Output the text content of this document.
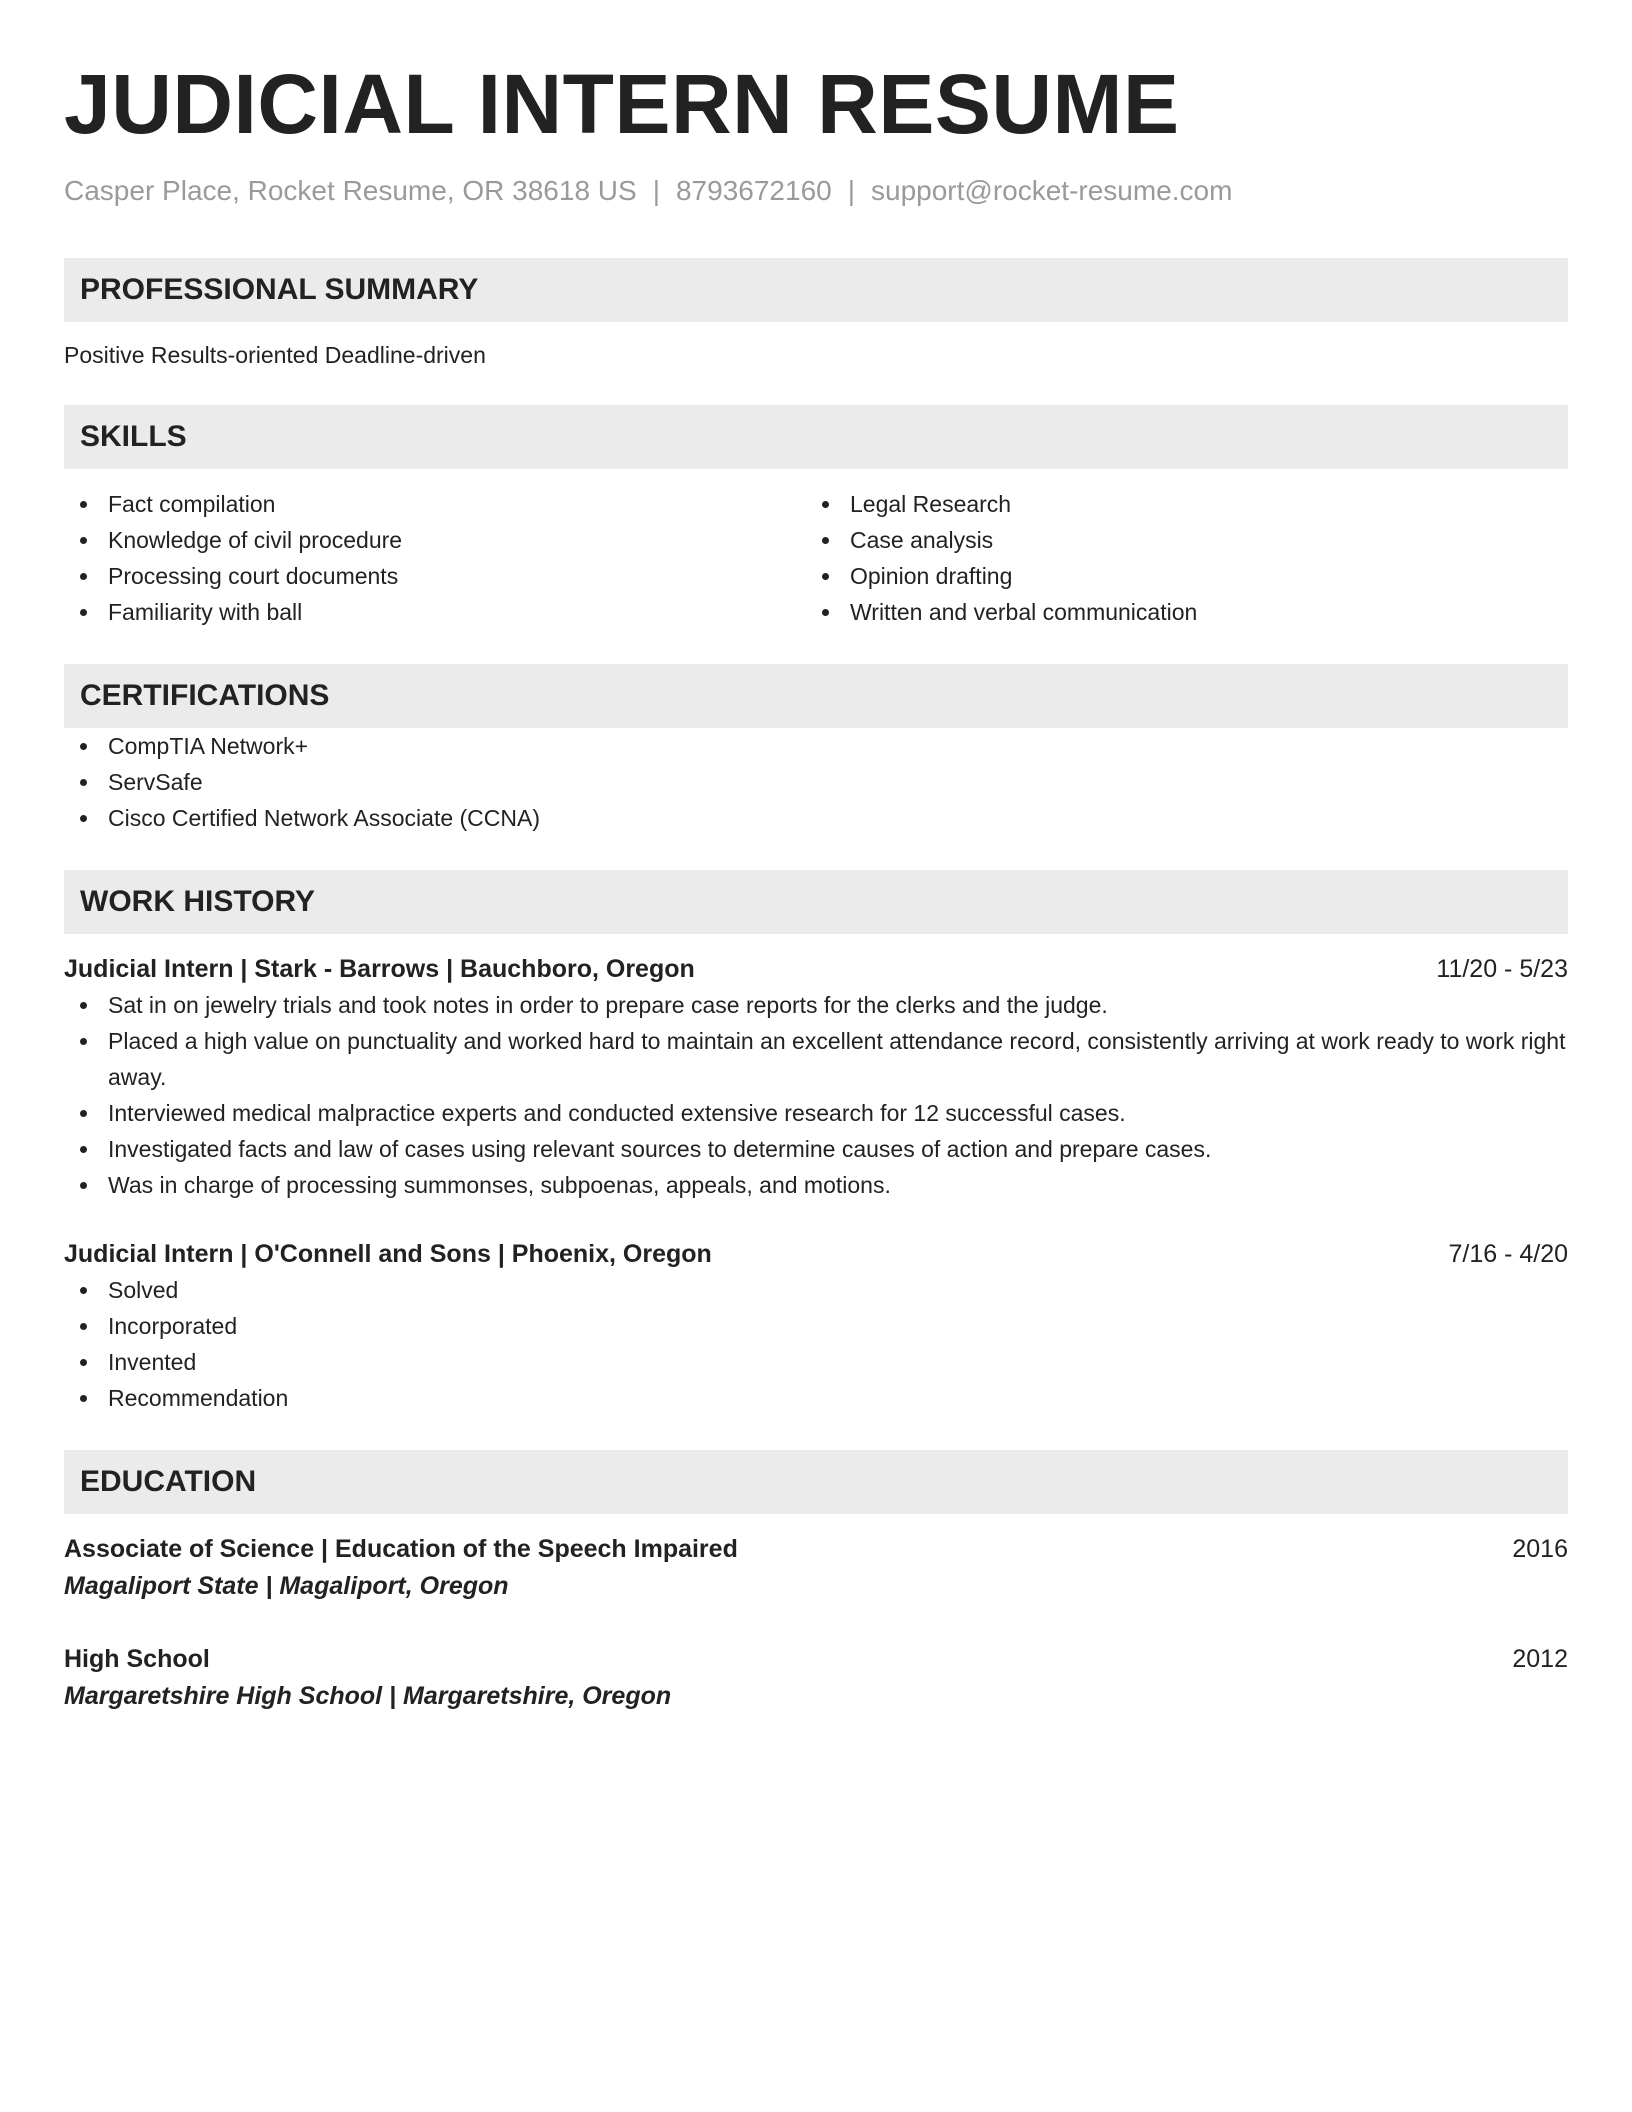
JUDICIAL INTERN RESUME
Casper Place, Rocket Resume, OR 38618 US | 8793672160 | support@rocket-resume.com
PROFESSIONAL SUMMARY
Positive Results-oriented Deadline-driven
SKILLS
Fact compilation
Knowledge of civil procedure
Processing court documents
Familiarity with ball
Legal Research
Case analysis
Opinion drafting
Written and verbal communication
CERTIFICATIONS
CompTIA Network+
ServSafe
Cisco Certified Network Associate (CCNA)
WORK HISTORY
Judicial Intern | Stark - Barrows | Bauchboro, Oregon	11/20 - 5/23
Sat in on jewelry trials and took notes in order to prepare case reports for the clerks and the judge.
Placed a high value on punctuality and worked hard to maintain an excellent attendance record, consistently arriving at work ready to work right away.
Interviewed medical malpractice experts and conducted extensive research for 12 successful cases.
Investigated facts and law of cases using relevant sources to determine causes of action and prepare cases.
Was in charge of processing summonses, subpoenas, appeals, and motions.
Judicial Intern | O'Connell and Sons | Phoenix, Oregon	7/16 - 4/20
Solved
Incorporated
Invented
Recommendation
EDUCATION
Associate of Science | Education of the Speech Impaired	2016
Magaliport State | Magaliport, Oregon
High School	2012
Margaretshire High School | Margaretshire, Oregon
